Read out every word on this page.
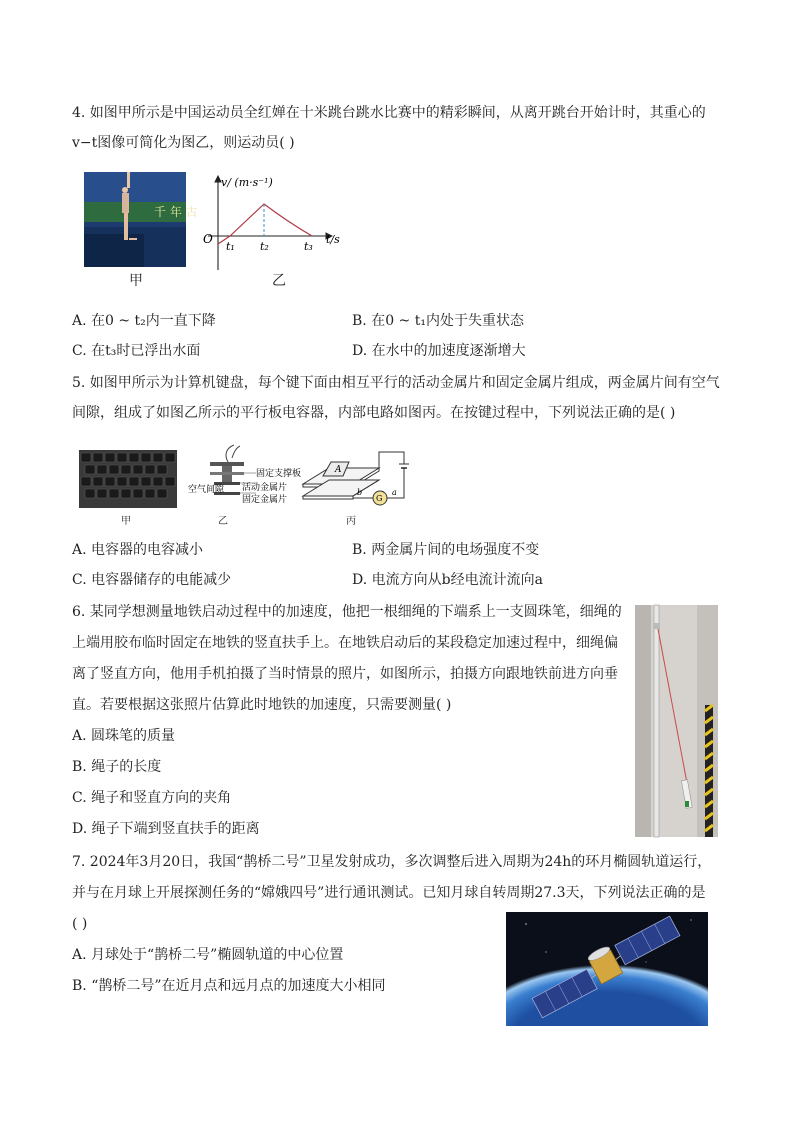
4. 如图甲所示是中国运动员全红婵在十米跳台跳水比赛中的精彩瞬间，从离开跳台开始计时，其重心的
v−t图像可简化为图乙，则运动员( )
千 年 古
甲
v/ (m·s⁻¹)
t/s
O
t₁ t₂	t₃
乙
A. 在0 ~ t₂内一直下降	B. 在0 ~ t₁内处于失重状态
C. 在t₃时已浮出水面	D. 在水中的加速度逐渐增大
5. 如图甲所示为计算机键盘，每个键下面由相互平行的活动金属片和固定金属片组成，两金属片间有空气
间隙，组成了如图乙所示的平行板电容器，内部电路如图丙。在按键过程中，下列说法正确的是( )
甲
固定支撑板
空气间隙 活动金属片
固定金属片
乙
A
G
b	a
丙
A. 电容器的电容减小	B. 两金属片间的电场强度不变
C. 电容器储存的电能减少	D. 电流方向从b经电流计流向a
6. 某同学想测量地铁启动过程中的加速度，他把一根细绳的下端系上一支圆珠笔，细绳的
上端用胶布临时固定在地铁的竖直扶手上。在地铁启动后的某段稳定加速过程中，细绳偏
离了竖直方向，他用手机拍摄了当时情景的照片，如图所示，拍摄方向跟地铁前进方向垂
直。若要根据这张照片估算此时地铁的加速度，只需要测量( )
A. 圆珠笔的质量
B. 绳子的长度
C. 绳子和竖直方向的夹角
D. 绳子下端到竖直扶手的距离
7. 2024年3月20日，我国“鹊桥二号”卫星发射成功，多次调整后进入周期为24h的环月椭圆轨道运行，
并与在月球上开展探测任务的“嫦娥四号”进行通讯测试。已知月球自转周期27.3天，下列说法正确的是
( )
A. 月球处于“鹊桥二号”椭圆轨道的中心位置
B. “鹊桥二号”在近月点和远月点的加速度大小相同
